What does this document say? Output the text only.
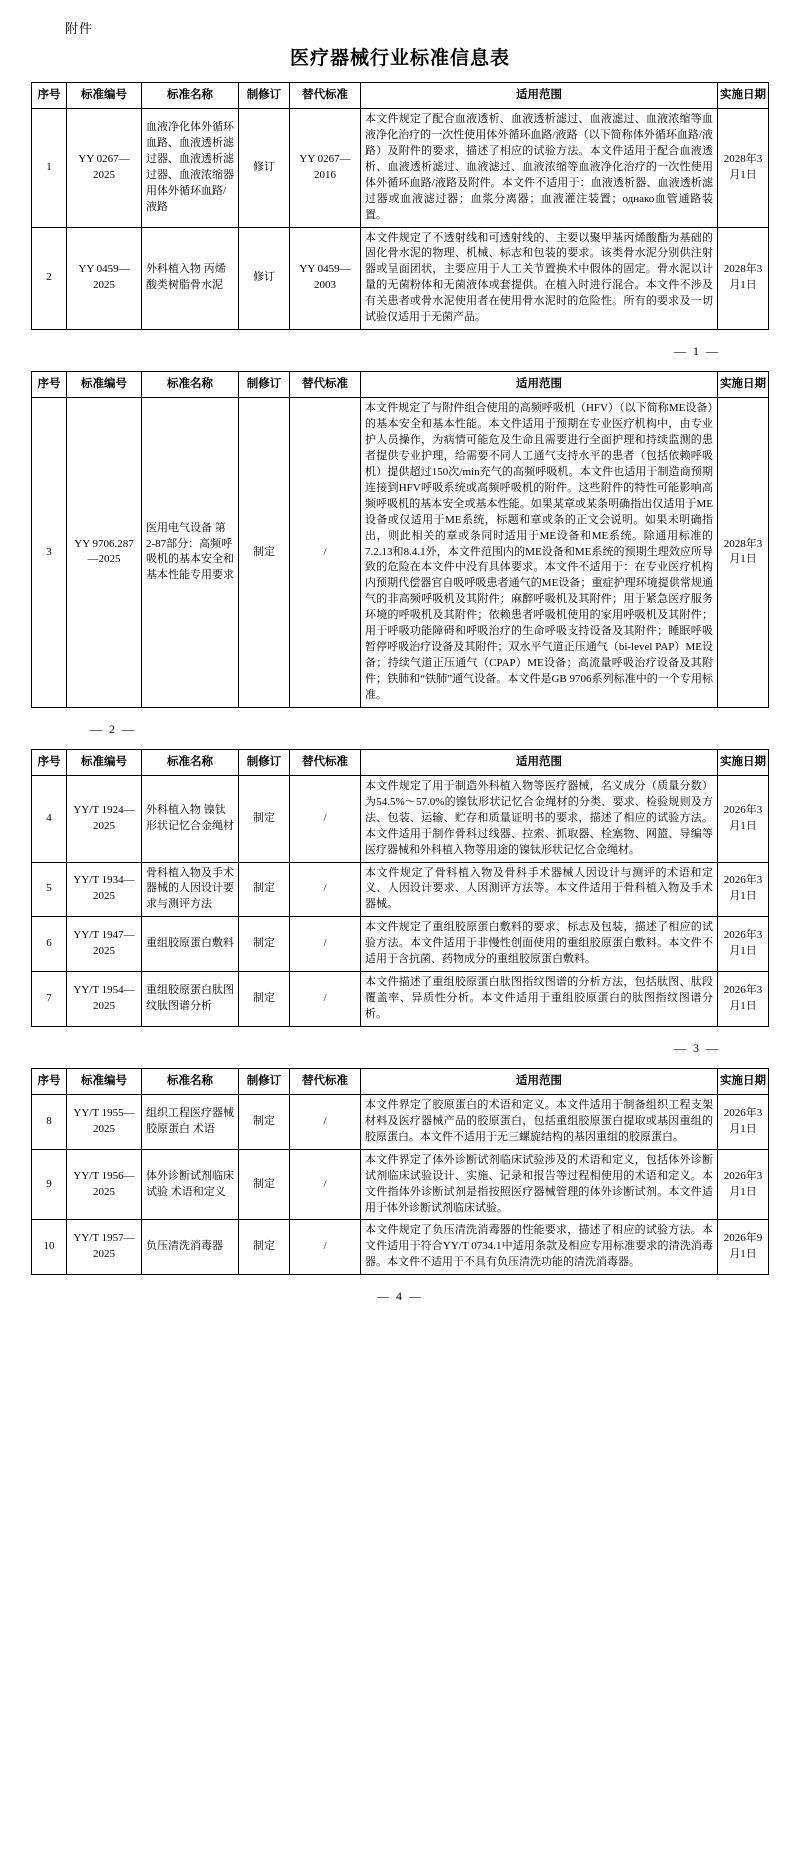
附件
医疗器械行业标准信息表
序号	标准编号	标准名称	制修订	替代标准	适用范围	实施日期
1	YY 0267—2025	血液净化体外循环血路、血液透析滤过器、血液透析滤过器、血液浓缩器用体外循环血路/液路	修订	YY 0267—2016	本文件规定了配合血液透析、血液透析滤过、血液滤过、血液浓缩等血液净化治疗的一次性使用体外循环血路/液路（以下简称体外循环血路/液路）及附件的要求，描述了相应的试验方法。本文件适用于配合血液透析、血液透析滤过、血液滤过、血液浓缩等血液净化治疗的一次性使用体外循环血路/液路及附件。本文件不适用于：血液透析器、血液透析滤过器或血液滤过器；血浆分离器；血液灌注装置；однако血管通路装置。	2028年3月1日
2	YY 0459—2025	外科植入物 丙烯酸类树脂骨水泥	修订	YY 0459—2003	本文件规定了不透射线和可透射线的、主要以聚甲基丙烯酸酯为基础的固化骨水泥的物理、机械、标志和包装的要求。该类骨水泥分别供注射器或呈面团状，主要应用于人工关节置换术中假体的固定。骨水泥以计量的无菌粉体和无菌液体或套提供。在植入时进行混合。本文件不涉及有关患者或骨水泥使用者在使用骨水泥时的危险性。所有的要求及一切试验仅适用于无菌产品。	2028年3月1日
— 1 —
序号	标准编号	标准名称	制修订	替代标准	适用范围	实施日期
3	YY 9706.287—2025	医用电气设备 第2-87部分：高频呼吸机的基本安全和基本性能专用要求	制定	/	本文件规定了与附件组合使用的高频呼吸机（HFV）（以下简称ME设备）的基本安全和基本性能。本文件适用于预期在专业医疗机构中，由专业护人员操作，为病情可能危及生命且需要进行全面护理和持续监测的患者提供专业护理，给需要不同人工通气支持水平的患者（包括依赖呼吸机）提供超过150次/min充气的高频呼吸机。本文件也适用于制造商预期连接到HFV呼吸系统或高频呼吸机的附件。这些附件的特性可能影响高频呼吸机的基本安全或基本性能。如果某章或某条明确指出仅适用于ME设备或仅适用于ME系统，标题和章或条的正文会说明。如果未明确指出，则此相关的章或条同时适用于ME设备和ME系统。除通用标准的7.2.13和8.4.1外，本文件范围内的ME设备和ME系统的预期生理效应所导致的危险在本文件中没有具体要求。本文件不适用于：在专业医疗机构内预期代偿器官自吸呼吸患者通气的ME设备；重症护理环境提供常规通气的非高频呼吸机及其附件；麻醉呼吸机及其附件；用于紧急医疗服务环境的呼吸机及其附件；依赖患者呼吸机使用的家用呼吸机及其附件；用于呼吸功能障碍和呼吸治疗的生命呼吸支持设备及其附件；睡眠呼吸暂停呼吸治疗设备及其附件；双水平气道正压通气（bi-level PAP）ME设备；持续气道正压通气（CPAP）ME设备；高流量呼吸治疗设备及其附件；铁肺和“铁肺”通气设备。本文件是GB 9706系列标准中的一个专用标准。	2028年3月1日
— 2 —
序号	标准编号	标准名称	制修订	替代标准	适用范围	实施日期
4	YY/T 1924—2025	外科植入物 镍钛形状记忆合金绳材	制定	/	本文件规定了用于制造外科植入物等医疗器械，名义成分（质量分数）为54.5%～57.0%的镍钛形状记忆合金绳材的分类、要求、检验规则及方法、包装、运输、贮存和质量证明书的要求，描述了相应的试验方法。本文件适用于制作骨科过线器、拉索、抓取器、栓塞物、网篮、导编等医疗器械和外科植入物等用途的镍钛形状记忆合金绳材。	2026年3月1日
5	YY/T 1934—2025	骨科植入物及手术器械的人因设计要求与测评方法	制定	/	本文件规定了骨科植入物及骨科手术器械人因设计与测评的术语和定义、人因设计要求、人因测评方法等。本文件适用于骨科植入物及手术器械。	2026年3月1日
6	YY/T 1947—2025	重组胶原蛋白敷料	制定	/	本文件规定了重组胶原蛋白敷料的要求、标志及包装，描述了相应的试验方法。本文件适用于非慢性创面使用的重组胶原蛋白敷料。本文件不适用于含抗菌、药物成分的重组胶原蛋白敷料。	2026年3月1日
7	YY/T 1954—2025	重组胶原蛋白肽图纹肽图谱分析	制定	/	本文件描述了重组胶原蛋白肽图指纹图谱的分析方法，包括肽图、肽段覆盖率、异质性分析。本文件适用于重组胶原蛋白的肽图指纹图谱分析。	2026年3月1日
— 3 —
序号	标准编号	标准名称	制修订	替代标准	适用范围	实施日期
8	YY/T 1955—2025	组织工程医疗器械 胶原蛋白 术语	制定	/	本文件界定了胶原蛋白的术语和定义。本文件适用于制备组织工程支架材料及医疗器械产品的胶原蛋白，包括重组胶原蛋白提取或基因重组的胶原蛋白。本文件不适用于无三螺旋结构的基因重组的胶原蛋白。	2026年3月1日
9	YY/T 1956—2025	体外诊断试剂临床试验 术语和定义	制定	/	本文件界定了体外诊断试剂临床试验涉及的术语和定义，包括体外诊断试剂临床试验设计、实施、记录和报告等过程相使用的术语和定义。本文件指体外诊断试剂是指按照医疗器械管理的体外诊断试剂。本文件适用于体外诊断试剂临床试验。	2026年3月1日
10	YY/T 1957—2025	负压清洗消毒器	制定	/	本文件规定了负压清洗消毒器的性能要求，描述了相应的试验方法。本文件适用于符合YY/T 0734.1中适用条款及相应专用标准要求的清洗消毒器。本文件不适用于不具有负压清洗功能的清洗消毒器。	2026年9月1日
— 4 —
